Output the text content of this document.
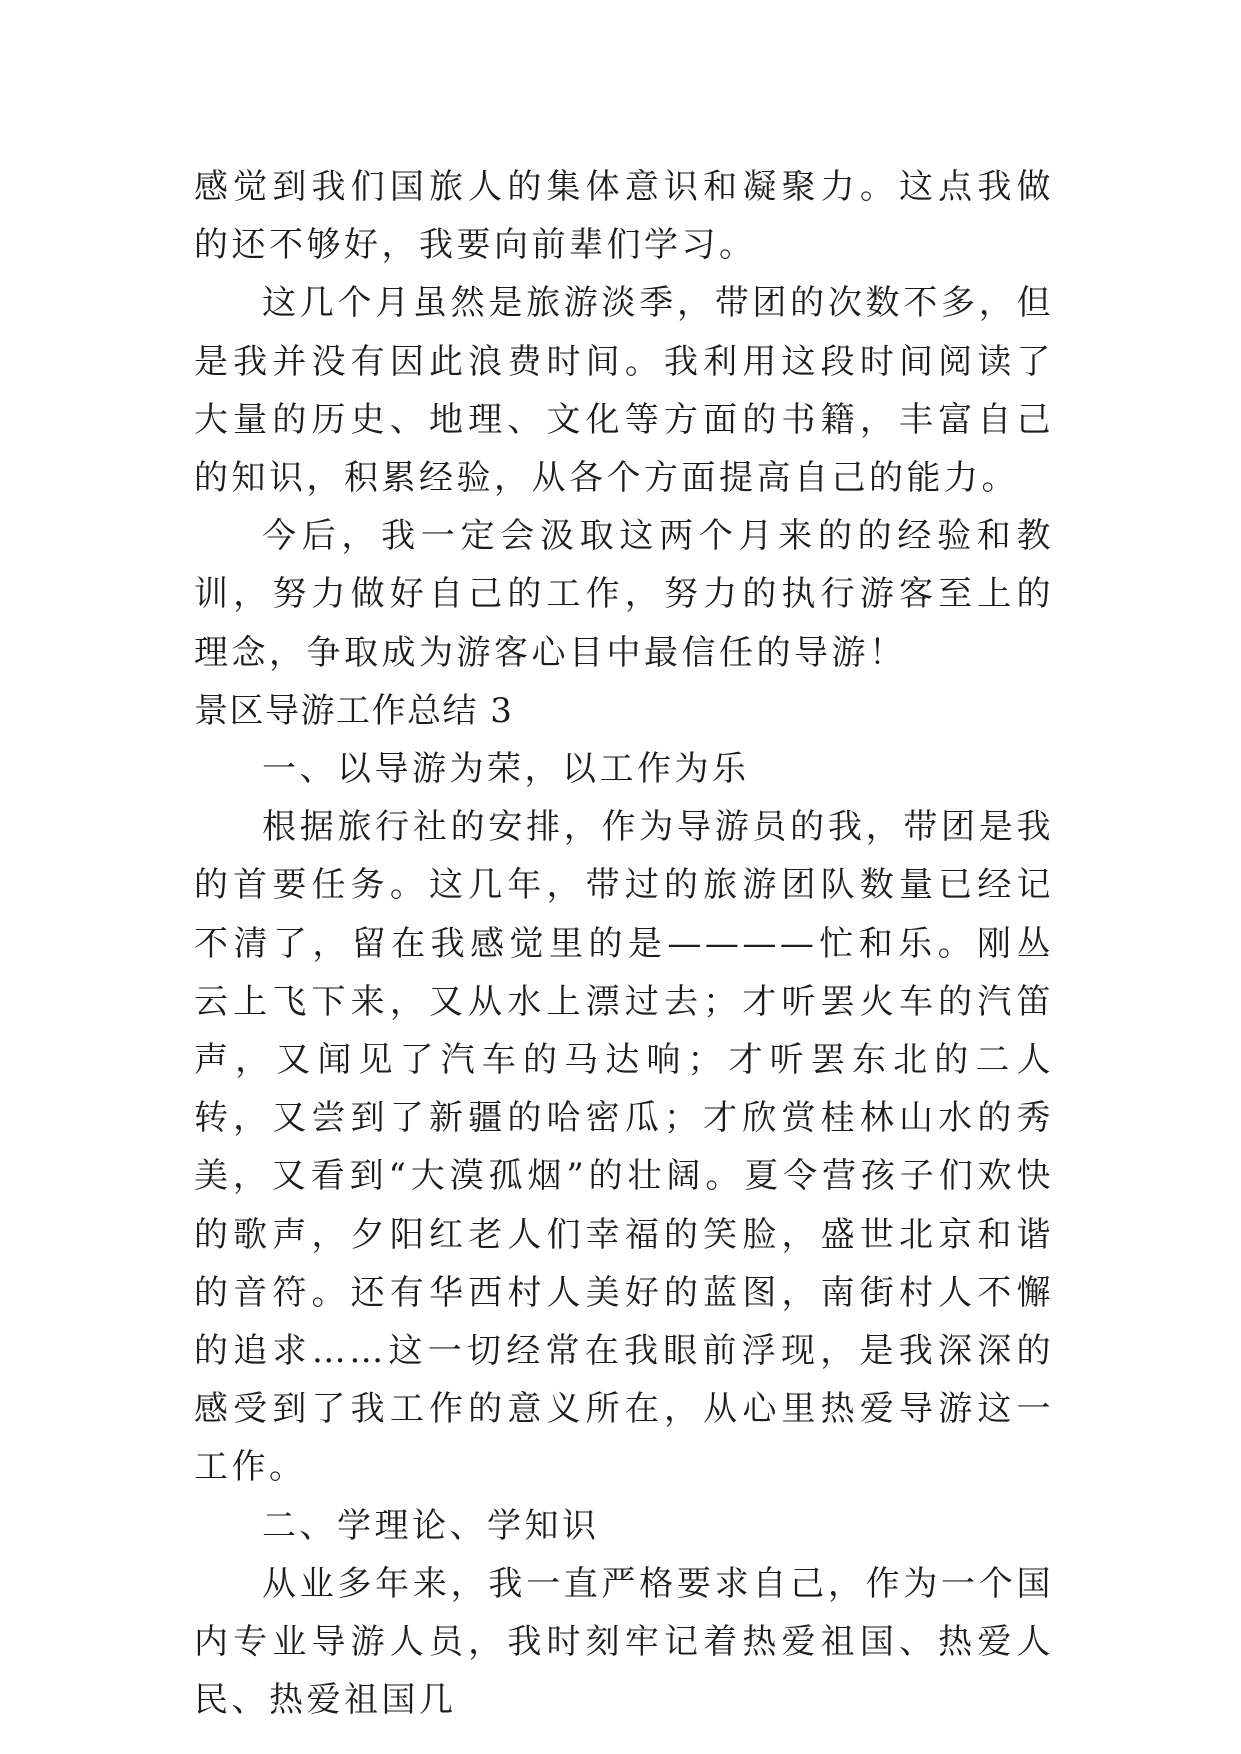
感觉到我们国旅人的集体意识和凝聚力。这点我做的还不够好，我要向前辈们学习。

这几个月虽然是旅游淡季，带团的次数不多，但是我并没有因此浪费时间。我利用这段时间阅读了大量的历史、地理、文化等方面的书籍，丰富自己的知识，积累经验，从各个方面提高自己的能力。

今后，我一定会汲取这两个月来的的经验和教训，努力做好自己的工作，努力的执行游客至上的理念，争取成为游客心目中最信任的导游！

景区导游工作总结 3

一、以导游为荣，以工作为乐

根据旅行社的安排，作为导游员的我，带团是我的首要任务。这几年，带过的旅游团队数量已经记不清了，留在我感觉里的是————忙和乐。刚丛云上飞下来，又从水上漂过去；才听罢火车的汽笛声，又闻见了汽车的马达响；才听罢东北的二人转，又尝到了新疆的哈密瓜；才欣赏桂林山水的秀美，又看到“大漠孤烟”的壮阔。夏令营孩子们欢快的歌声，夕阳红老人们幸福的笑脸，盛世北京和谐的音符。还有华西村人美好的蓝图，南街村人不懈的追求……这一切经常在我眼前浮现，是我深深的感受到了我工作的意义所在，从心里热爱导游这一工作。

二、学理论、学知识

从业多年来，我一直严格要求自己，作为一个国内专业导游人员，我时刻牢记着热爱祖国、热爱人民、热爱祖国几
